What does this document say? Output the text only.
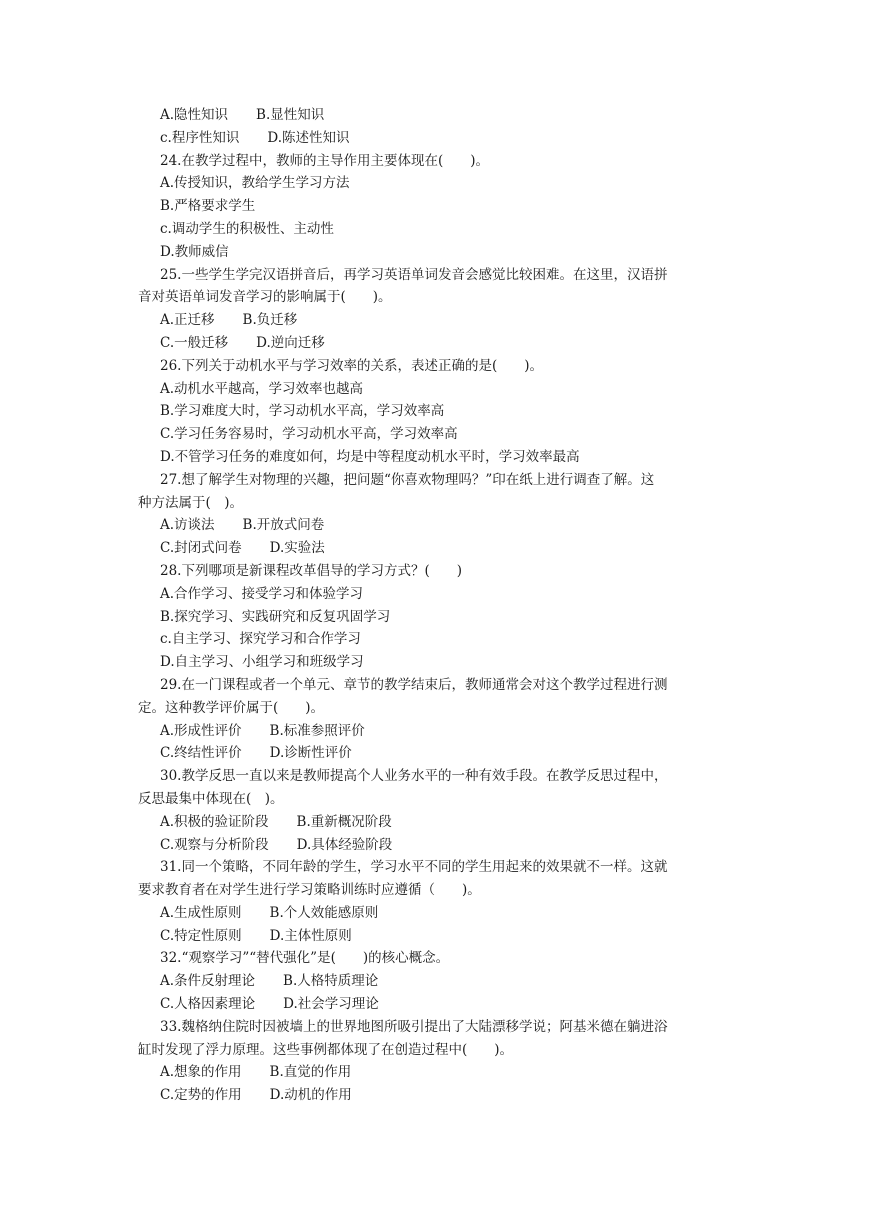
A.隐性知识 B.显性知识
c.程序性知识 D.陈述性知识
24.在教学过程中，教师的主导作用主要体现在(　　)。
A.传授知识，教给学生学习方法
B.严格要求学生
c.调动学生的积极性、主动性
D.教师威信
25.一些学生学完汉语拼音后，再学习英语单词发音会感觉比较困难。在这里，汉语拼
音对英语单词发音学习的影响属于(　　)。
A.正迁移 B.负迁移
C.一般迁移 D.逆向迁移
26.下列关于动机水平与学习效率的关系，表述正确的是(　　)。
A.动机水平越高，学习效率也越高
B.学习难度大时，学习动机水平高，学习效率高
C.学习任务容易时，学习动机水平高，学习效率高
D.不管学习任务的难度如何，均是中等程度动机水平时，学习效率最高
27.想了解学生对物理的兴趣，把问题“你喜欢物理吗？”印在纸上进行调查了解。这
种方法属于(　)。
A.访谈法 B.开放式问卷
C.封闭式问卷 D.实验法
28.下列哪项是新课程改革倡导的学习方式？(　　)
A.合作学习、接受学习和体验学习
B.探究学习、实践研究和反复巩固学习
c.自主学习、探究学习和合作学习
D.自主学习、小组学习和班级学习
29.在一门课程或者一个单元、章节的教学结束后，教师通常会对这个教学过程进行测
定。这种教学评价属于(　　)。
A.形成性评价 B.标准参照评价
C.终结性评价 D.诊断性评价
30.教学反思一直以来是教师提高个人业务水平的一种有效手段。在教学反思过程中，
反思最集中体现在(　)。
A.积极的验证阶段 B.重新概况阶段
C.观察与分析阶段 D.具体经验阶段
31.同一个策略，不同年龄的学生，学习水平不同的学生用起来的效果就不一样。这就
要求教育者在对学生进行学习策略训练时应遵循（　　)。
A.生成性原则 B.个人效能感原则
C.特定性原则 D.主体性原则
32.“观察学习”“替代强化”是(　　)的核心概念。
A.条件反射理论 B.人格特质理论
C.人格因素理论 D.社会学习理论
33.魏格纳住院时因被墙上的世界地图所吸引提出了大陆漂移学说；阿基米德在躺进浴
缸时发现了浮力原理。这些事例都体现了在创造过程中(　　)。
A.想象的作用 B.直觉的作用
C.定势的作用 D.动机的作用
